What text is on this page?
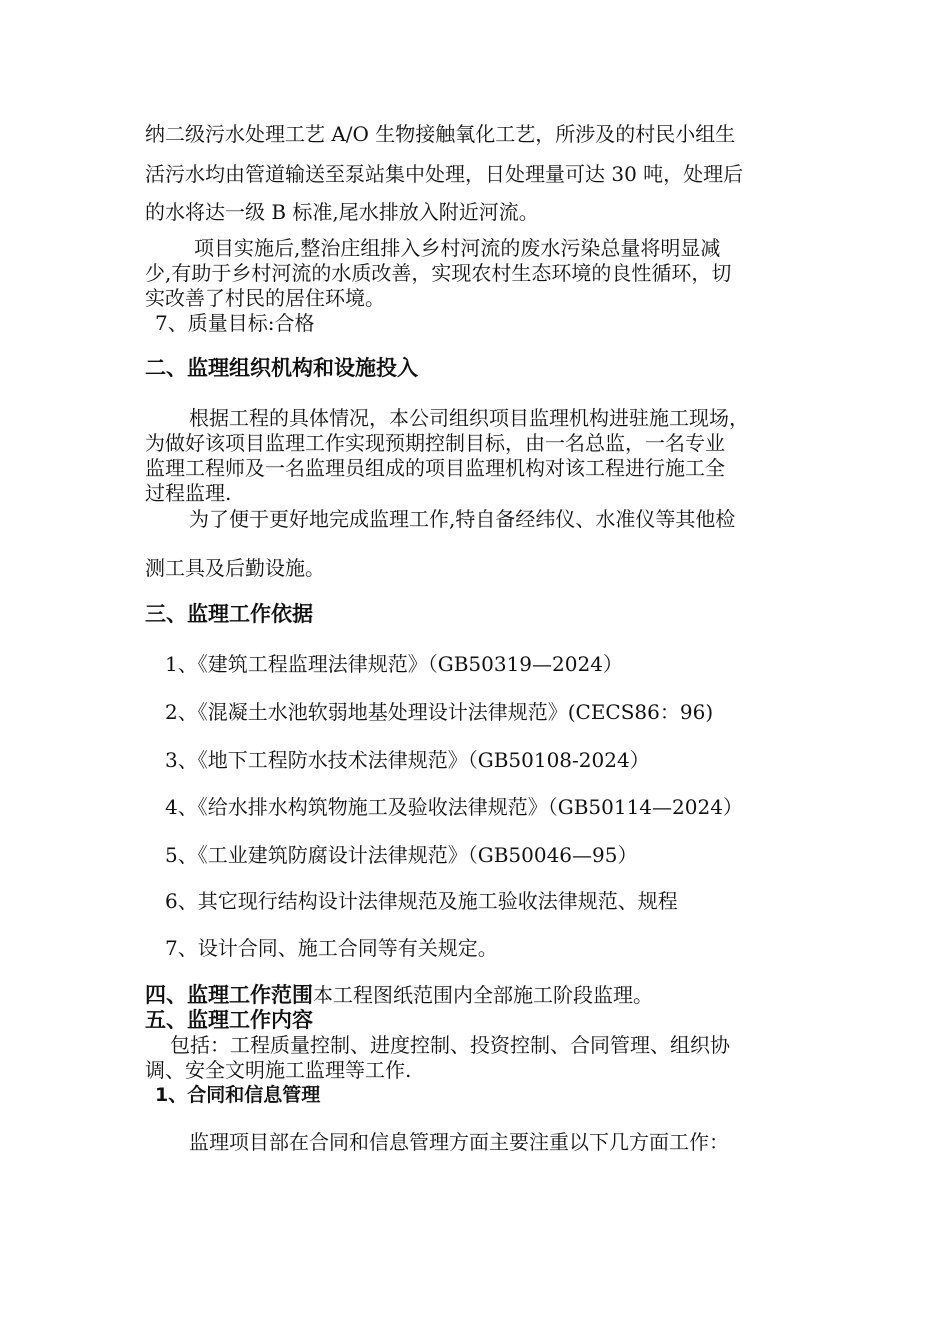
纳二级污水处理工艺 A/O 生物接触氧化工艺，所涉及的村民小组生
活污水均由管道输送至泵站集中处理，日处理量可达 30 吨，处理后
的水将达一级 B 标准,尾水排放入附近河流。
项目实施后,整治庄组排入乡村河流的废水污染总量将明显减
少,有助于乡村河流的水质改善，实现农村生态环境的良性循环，切
实改善了村民的居住环境。
7、质量目标:合格
二、监理组织机构和设施投入
根据工程的具体情况，本公司组织项目监理机构进驻施工现场，
为做好该项目监理工作实现预期控制目标，由一名总监，一名专业
监理工程师及一名监理员组成的项目监理机构对该工程进行施工全
过程监理.
为了便于更好地完成监理工作,特自备经纬仪、水准仪等其他检
测工具及后勤设施。
三、监理工作依据
1、《建筑工程监理法律规范》（GB50319—2024）
2、《混凝土水池软弱地基处理设计法律规范》(CECS86：96)
3、《地下工程防水技术法律规范》（GB50108-2024）
4、《给水排水构筑物施工及验收法律规范》（GB50114—2024）
5、《工业建筑防腐设计法律规范》（GB50046—95）
6、其它现行结构设计法律规范及施工验收法律规范、规程
7、设计合同、施工合同等有关规定。
四、监理工作范围本工程图纸范围内全部施工阶段监理。
五、监理工作内容
包括：工程质量控制、进度控制、投资控制、合同管理、组织协
调、安全文明施工监理等工作.
1、合同和信息管理
监理项目部在合同和信息管理方面主要注重以下几方面工作：
